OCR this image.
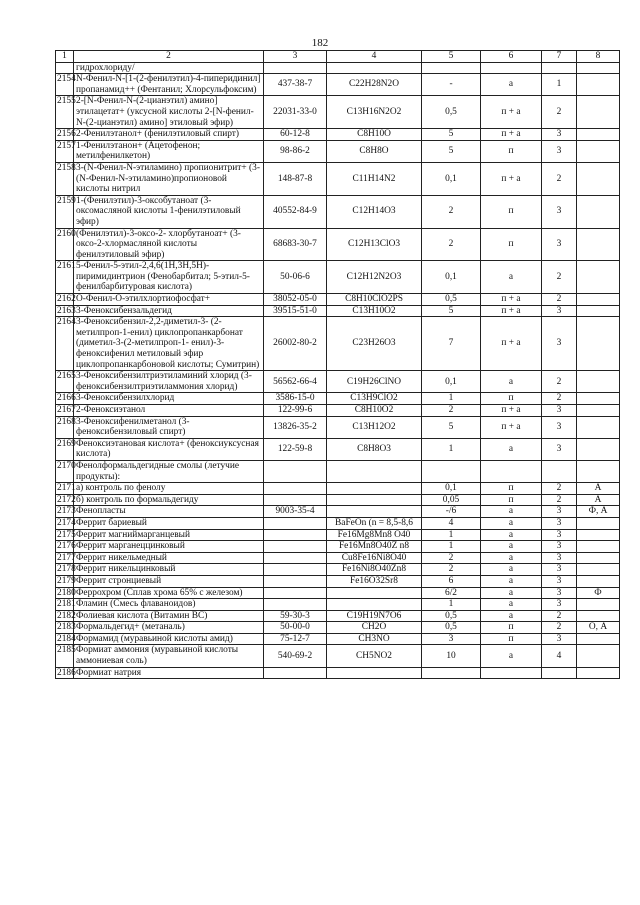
182
1	2	3	4	5	6	7	8
	гидрохлориду/						
2154	N-Фенил-N-[1-(2-фенилэтил)-4-пиперидинил] пропанамид++ (Фентанил; Хлорсульфоксим)	437-38-7	C22H28N2O	-	а	1	
2155	2-[N-Фенил-N-(2-цианэтил) амино] этилацетат+ (уксусной кислоты 2-[N-фенил- N-(2-цианэтил) амино] этиловый эфир)	22031-33-0	C13H16N2O2	0,5	п + а	2	
2156	2-Фенилэтанол+ (фенилэтиловый спирт)	60-12-8	C8H10O	5	п + а	3	
2157	1-Фенилэтанон+ (Ацетофенон; метилфенилкетон)	98-86-2	C8H8O	5	п	3	
2158	3-(N-Фенил-N-этиламино) пропионитрит+ (3-(N-Фенил-N-этиламино)пропионовой кислоты нитрил	148-87-8	C11H14N2	0,1	п + а	2	
2159	1-(Фенилэтил)-3-оксобутаноат (3-оксомасляной кислоты 1-фенилэтиловый эфир)	40552-84-9	C12H14O3	2	п	3	
2160	(Фенилэтил)-3-оксо-2- хлорбутаноат+ (3-оксо-2-хлормасляной кислоты фенилэтиловый эфир)	68683-30-7	C12H13ClO3	2	п	3	
2161	5-Фенил-5-этил-2,4,6(1Н,3Н,5Н)-пиримидинтрион (Фенобарбитал; 5-этил-5-фенилбарбитуровая кислота)	50-06-6	C12H12N2O3	0,1	а	2	
2162	О-Фенил-О-этилхлортиофосфат+	38052-05-0	C8H10ClO2PS	0,5	п + а	2	
2163	3-Феноксибензальдегид	39515-51-0	C13H10O2	5	п + а	3	
2164	3-Феноксибензил-2,2-диметил-3- (2-метилпроп-1-енил) циклопропанкарбонат (диметил-3-(2-метилпроп-1- енил)-3-феноксифенил метиловый эфир циклопропанкарбоновой кислоты; Сумитрин)	26002-80-2	C23H26O3	7	п + а	3	
2165	3-Феноксибензилтриэтиламиний хлорид (3-феноксибензилтриэтиламмония хлорид)	56562-66-4	C19H26ClNO	0,1	а	2	
2166	3-Феноксибензилхлорид	3586-15-0	C13H9ClO2	1	п	2	
2167	2-Феноксиэтанол	122-99-6	C8H10O2	2	п + а	3	
2168	3-Феноксифенилметанол (3-феноксибензиловый спирт)	13826-35-2	C13H12O2	5	п + а	3	
2169	Феноксиэтановая кислота+ (феноксиуксусная кислота)	122-59-8	C8H8O3	1	а	3	
2170	Фенолформальдегидные смолы (летучие продукты):						
2171	а) контроль по фенолу			0,1	п	2	А
2172	б) контроль по формальдегиду			0,05	п	2	А
2173	Фенопласты	9003-35-4		-/6	а	3	Ф, А
2174	Феррит бариевый		BaFeOn (n = 8,5-8,6	4	а	3	
2175	Феррит магниймарганцевый		Fe16Mg8Mn8 O40	1	а	3	
2176	Феррит марганеццинковый		Fe16Mn8O40Z n8	1	а	3	
2177	Феррит никельмедный		Cu8Fe16Ni8O40	2	а	3	
2178	Феррит никельцинковый		Fe16Ni8O40Zn8	2	а	3	
2179	Феррит стронциевый		Fe16O32Sr8	6	а	3	
2180	Феррохром (Сплав хрома 65% с железом)			6/2	а	3	Ф
2181	Фламин (Смесь флаваноидов)			1	а	3	
2182	Фолиевая кислота (Витамин ВС)	59-30-3	C19H19N7O6	0,5	а	2	
2183	Формальдегид+ (метаналь)	50-00-0	CH2O	0,5	п	2	О, А
2184	Формамид (муравьиной кислоты амид)	75-12-7	CH3NO	3	п	3	
2185	Формиат аммония (муравьиной кислоты аммониевая соль)	540-69-2	CH5NO2	10	а	4	
2186	Формиат натрия						
